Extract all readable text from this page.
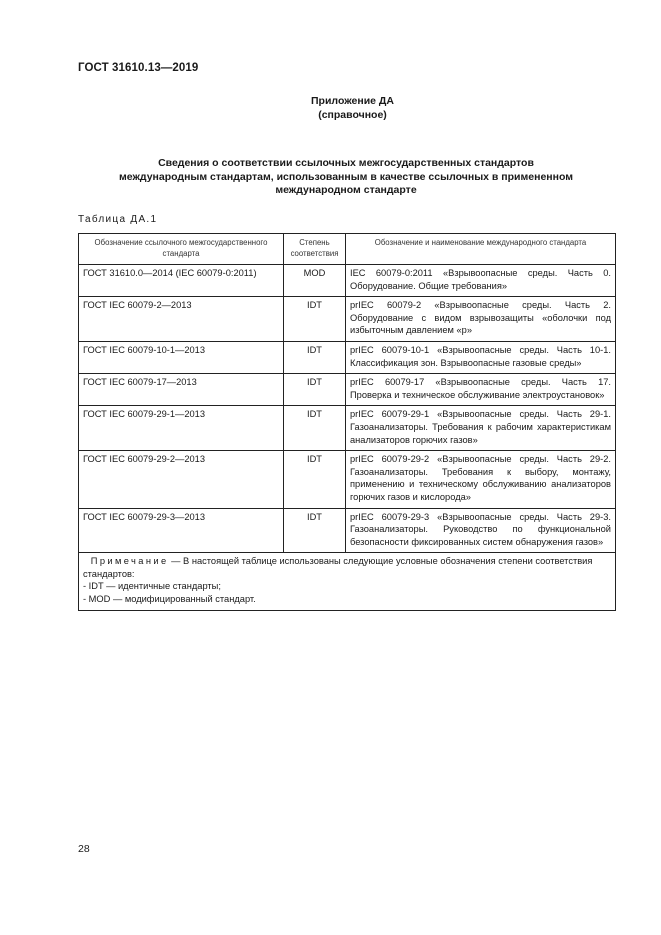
ГОСТ 31610.13—2019
Приложение ДА
(справочное)
Сведения о соответствии ссылочных межгосударственных стандартов
международным стандартам, использованным в качестве ссылочных в примененном
международном стандарте
Таблица ДА.1
Обозначение ссылочного межгосударственного стандарта	Степень соответствия	Обозначение и наименование международного стандарта
ГОСТ 31610.0—2014 (IEC 60079-0:2011)	MOD	IEC 60079-0:2011 «Взрывоопасные среды. Часть 0. Оборудование. Общие требования»
ГОСТ IEC 60079-2—2013	IDT	prIEC 60079-2 «Взрывоопасные среды. Часть 2. Оборудование с видом взрывозащиты «оболочки под избыточным давлением «р»
ГОСТ IEC 60079-10-1—2013	IDT	prIEC 60079-10-1 «Взрывоопасные среды. Часть 10-1. Классификация зон. Взрывоопасные газовые среды»
ГОСТ IEC 60079-17—2013	IDT	prIEC 60079-17 «Взрывоопасные среды. Часть 17. Проверка и техническое обслуживание электроустановок»
ГОСТ IEC 60079-29-1—2013	IDT	prIEC 60079-29-1 «Взрывоопасные среды. Часть 29-1. Газоанализаторы. Требования к рабочим характеристикам анализаторов горючих газов»
ГОСТ IEC 60079-29-2—2013	IDT	prIEC 60079-29-2 «Взрывоопасные среды. Часть 29-2. Газоанализаторы. Требования к выбору, монтажу, применению и техническому обслуживанию анализаторов горючих газов и кислорода»
ГОСТ IEC 60079-29-3—2013	IDT	prIEC 60079-29-3 «Взрывоопасные среды. Часть 29-3. Газоанализаторы. Руководство по функциональной безопасности фиксированных систем обнаружения газов»

Примечание — В настоящей таблице использованы следующие условные обозначения степени соответствия стандартов:
- IDT — идентичные стандарты;
- MOD — модифицированный стандарт.		
28
